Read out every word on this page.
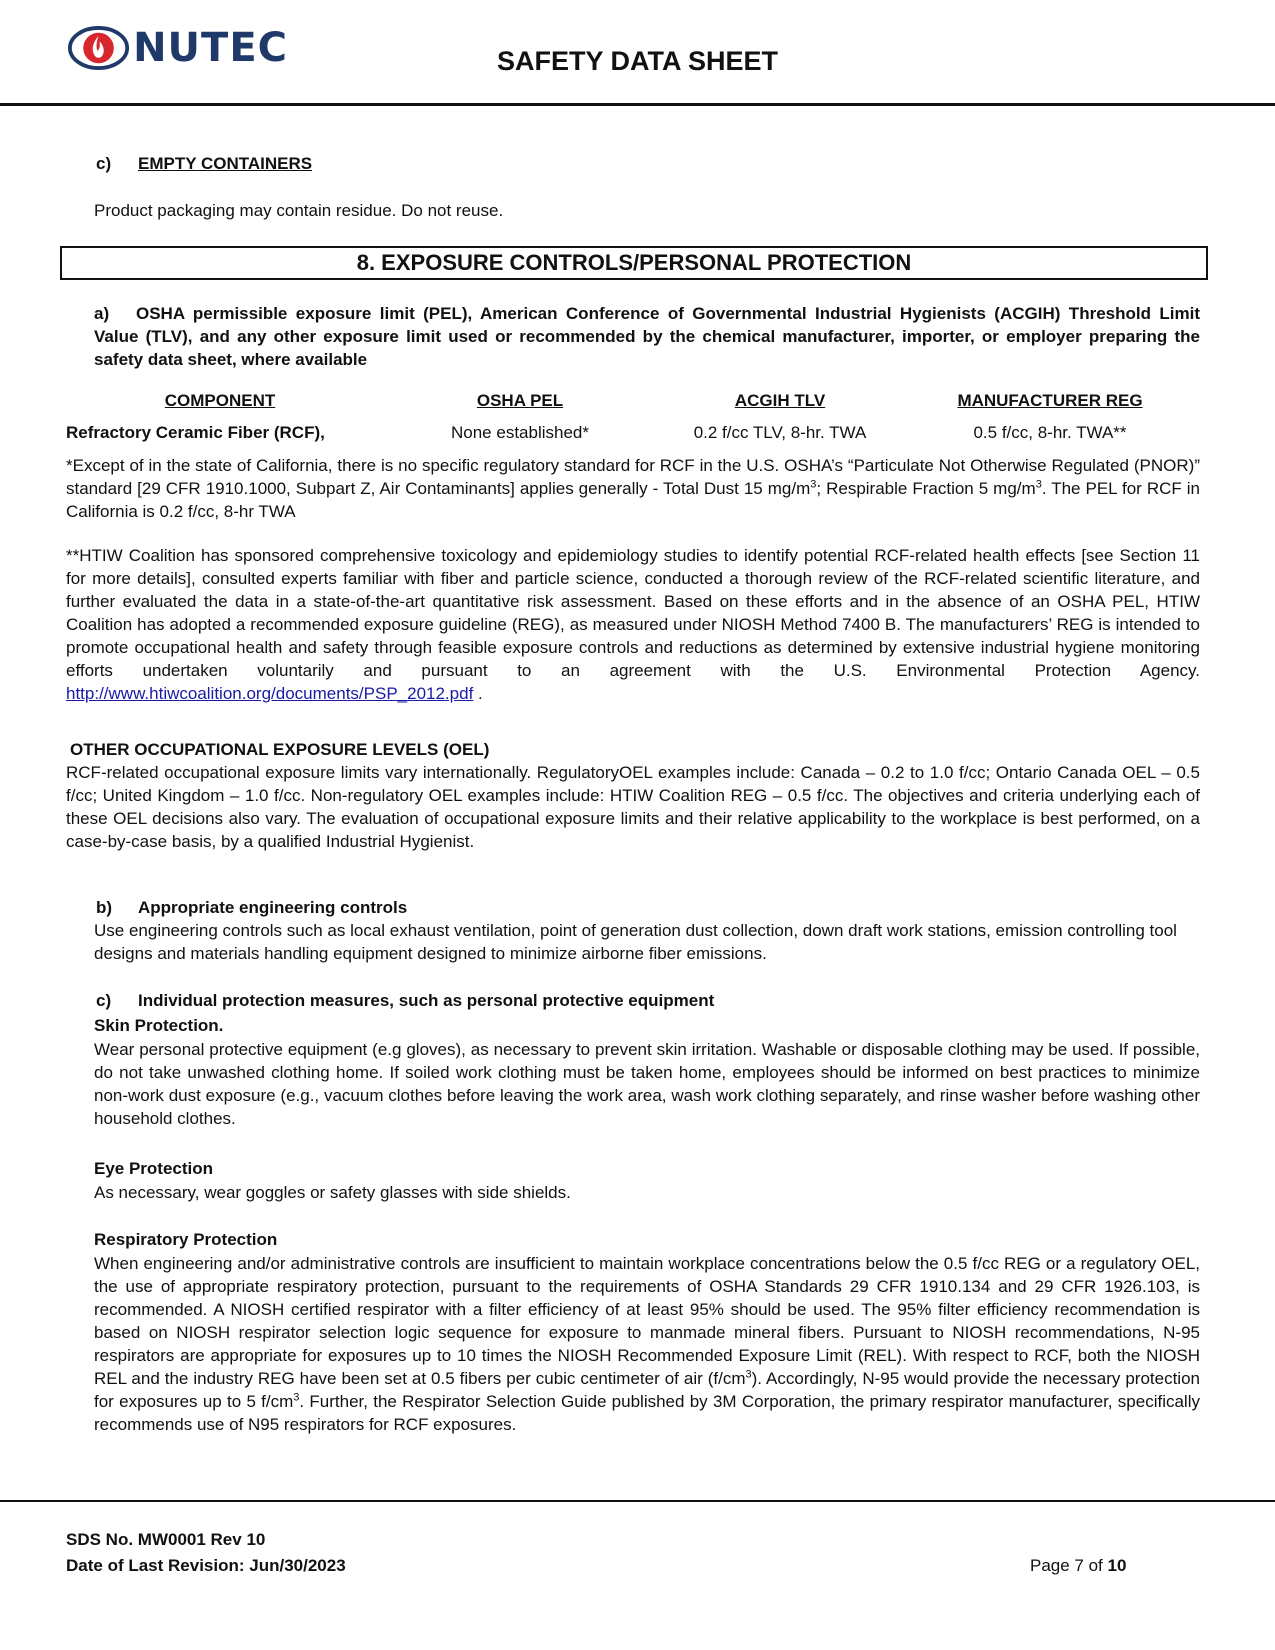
NUTEC	SAFETY DATA SHEET
c) EMPTY CONTAINERS
Product packaging may contain residue. Do not reuse.
8. EXPOSURE CONTROLS/PERSONAL PROTECTION
a) OSHA permissible exposure limit (PEL), American Conference of Governmental Industrial Hygienists (ACGIH) Threshold Limit Value (TLV), and any other exposure limit used or recommended by the chemical manufacturer, importer, or employer preparing the safety data sheet, where available
COMPONENT	OSHA PEL	ACGIH TLV	MANUFACTURER REG
Refractory Ceramic Fiber (RCF),	None established*	0.2 f/cc TLV, 8-hr. TWA	0.5 f/cc, 8-hr. TWA**
*Except of in the state of California, there is no specific regulatory standard for RCF in the U.S. OSHA’s “Particulate Not Otherwise Regulated (PNOR)” standard [29 CFR 1910.1000, Subpart Z, Air Contaminants] applies generally - Total Dust 15 $mg/m^3$; Respirable Fraction 5 $mg/m^3$. The PEL for RCF in California is 0.2 f/cc, 8-hr TWA
**HTIW Coalition has sponsored comprehensive toxicology and epidemiology studies to identify potential RCF-related health effects [see Section 11 for more details], consulted experts familiar with fiber and particle science, conducted a thorough review of the RCF-related scientific literature, and further evaluated the data in a state-of-the-art quantitative risk assessment. Based on these efforts and in the absence of an OSHA PEL, HTIW Coalition has adopted a recommended exposure guideline (REG), as measured under NIOSH Method 7400 B. The manufacturers’ REG is intended to promote occupational health and safety through feasible exposure controls and reductions as determined by extensive industrial hygiene monitoring efforts undertaken voluntarily and pursuant to an agreement with the U.S. Environmental Protection Agency. http://www.htiwcoalition.org/documents/PSP_2012.pdf .
OTHER OCCUPATIONAL EXPOSURE LEVELS (OEL)
RCF-related occupational exposure limits vary internationally. RegulatoryOEL examples include: Canada – 0.2 to 1.0 f/cc; Ontario Canada OEL – 0.5 f/cc; United Kingdom – 1.0 f/cc. Non-regulatory OEL examples include: HTIW Coalition REG – 0.5 f/cc. The objectives and criteria underlying each of these OEL decisions also vary. The evaluation of occupational exposure limits and their relative applicability to the workplace is best performed, on a case-by-case basis, by a qualified Industrial Hygienist.
b) Appropriate engineering controls
Use engineering controls such as local exhaust ventilation, point of generation dust collection, down draft work stations, emission controlling tool designs and materials handling equipment designed to minimize airborne fiber emissions.
c) Individual protection measures, such as personal protective equipment
Skin Protection.
Wear personal protective equipment (e.g gloves), as necessary to prevent skin irritation. Washable or disposable clothing may be used. If possible, do not take unwashed clothing home. If soiled work clothing must be taken home, employees should be informed on best practices to minimize non-work dust exposure (e.g., vacuum clothes before leaving the work area, wash work clothing separately, and rinse washer before washing other household clothes.
Eye Protection
As necessary, wear goggles or safety glasses with side shields.
Respiratory Protection
When engineering and/or administrative controls are insufficient to maintain workplace concentrations below the 0.5 f/cc REG or a regulatory OEL, the use of appropriate respiratory protection, pursuant to the requirements of OSHA Standards 29 CFR 1910.134 and 29 CFR 1926.103, is recommended. A NIOSH certified respirator with a filter efficiency of at least 95% should be used. The 95% filter efficiency recommendation is based on NIOSH respirator selection logic sequence for exposure to manmade mineral fibers. Pursuant to NIOSH recommendations, N-95 respirators are appropriate for exposures up to 10 times the NIOSH Recommended Exposure Limit (REL). With respect to RCF, both the NIOSH REL and the industry REG have been set at 0.5 fibers per cubic centimeter of air $(f/cm^3)$. Accordingly, N-95 would provide the necessary protection for exposures up to 5 $f/cm^3$. Further, the Respirator Selection Guide published by 3M Corporation, the primary respirator manufacturer, specifically recommends use of N95 respirators for RCF exposures.
SDS No. MW0001 Rev 10
Date of Last Revision: Jun/30/2023	Page 7 of 10
